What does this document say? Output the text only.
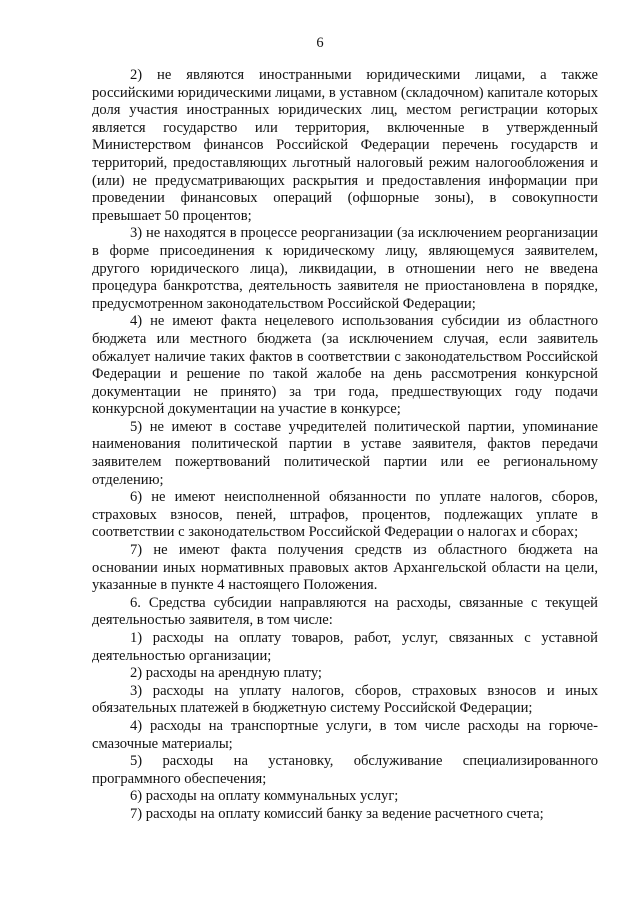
6

2) не являются иностранными юридическими лицами, а также российскими юридическими лицами, в уставном (складочном) капитале которых доля участия иностранных юридических лиц, местом регистрации которых является государство или территория, включенные в утвержденный Министерством финансов Российской Федерации перечень государств и территорий, предоставляющих льготный налоговый режим налогообложения и (или) не предусматривающих раскрытия и предоставления информации при проведении финансовых операций (офшорные зоны), в совокупности превышает 50 процентов;

3) не находятся в процессе реорганизации (за исключением реорганизации в форме присоединения к юридическому лицу, являющемуся заявителем, другого юридического лица), ликвидации, в отношении него не введена процедура банкротства, деятельность заявителя не приостановлена в порядке, предусмотренном законодательством Российской Федерации;

4) не имеют факта нецелевого использования субсидии из областного бюджета или местного бюджета (за исключением случая, если заявитель обжалует наличие таких фактов в соответствии с законодательством Российской Федерации и решение по такой жалобе на день рассмотрения конкурсной документации не принято) за три года, предшествующих году подачи конкурсной документации на участие в конкурсе;

5) не имеют в составе учредителей политической партии, упоминание наименования политической партии в уставе заявителя, фактов передачи заявителем пожертвований политической партии или ее региональному отделению;

6) не имеют неисполненной обязанности по уплате налогов, сборов, страховых взносов, пеней, штрафов, процентов, подлежащих уплате в соответствии с законодательством Российской Федерации о налогах и сборах;

7) не имеют факта получения средств из областного бюджета на основании иных нормативных правовых актов Архангельской области на цели, указанные в пункте 4 настоящего Положения.

6. Средства субсидии направляются на расходы, связанные с текущей деятельностью заявителя, в том числе:

1) расходы на оплату товаров, работ, услуг, связанных с уставной деятельностью организации;

2) расходы на арендную плату;

3) расходы на уплату налогов, сборов, страховых взносов и иных обязательных платежей в бюджетную систему Российской Федерации;

4) расходы на транспортные услуги, в том числе расходы на горюче-смазочные материалы;

5) расходы на установку, обслуживание специализированного программного обеспечения;

6) расходы на оплату коммунальных услуг;

7) расходы на оплату комиссий банку за ведение расчетного счета;
